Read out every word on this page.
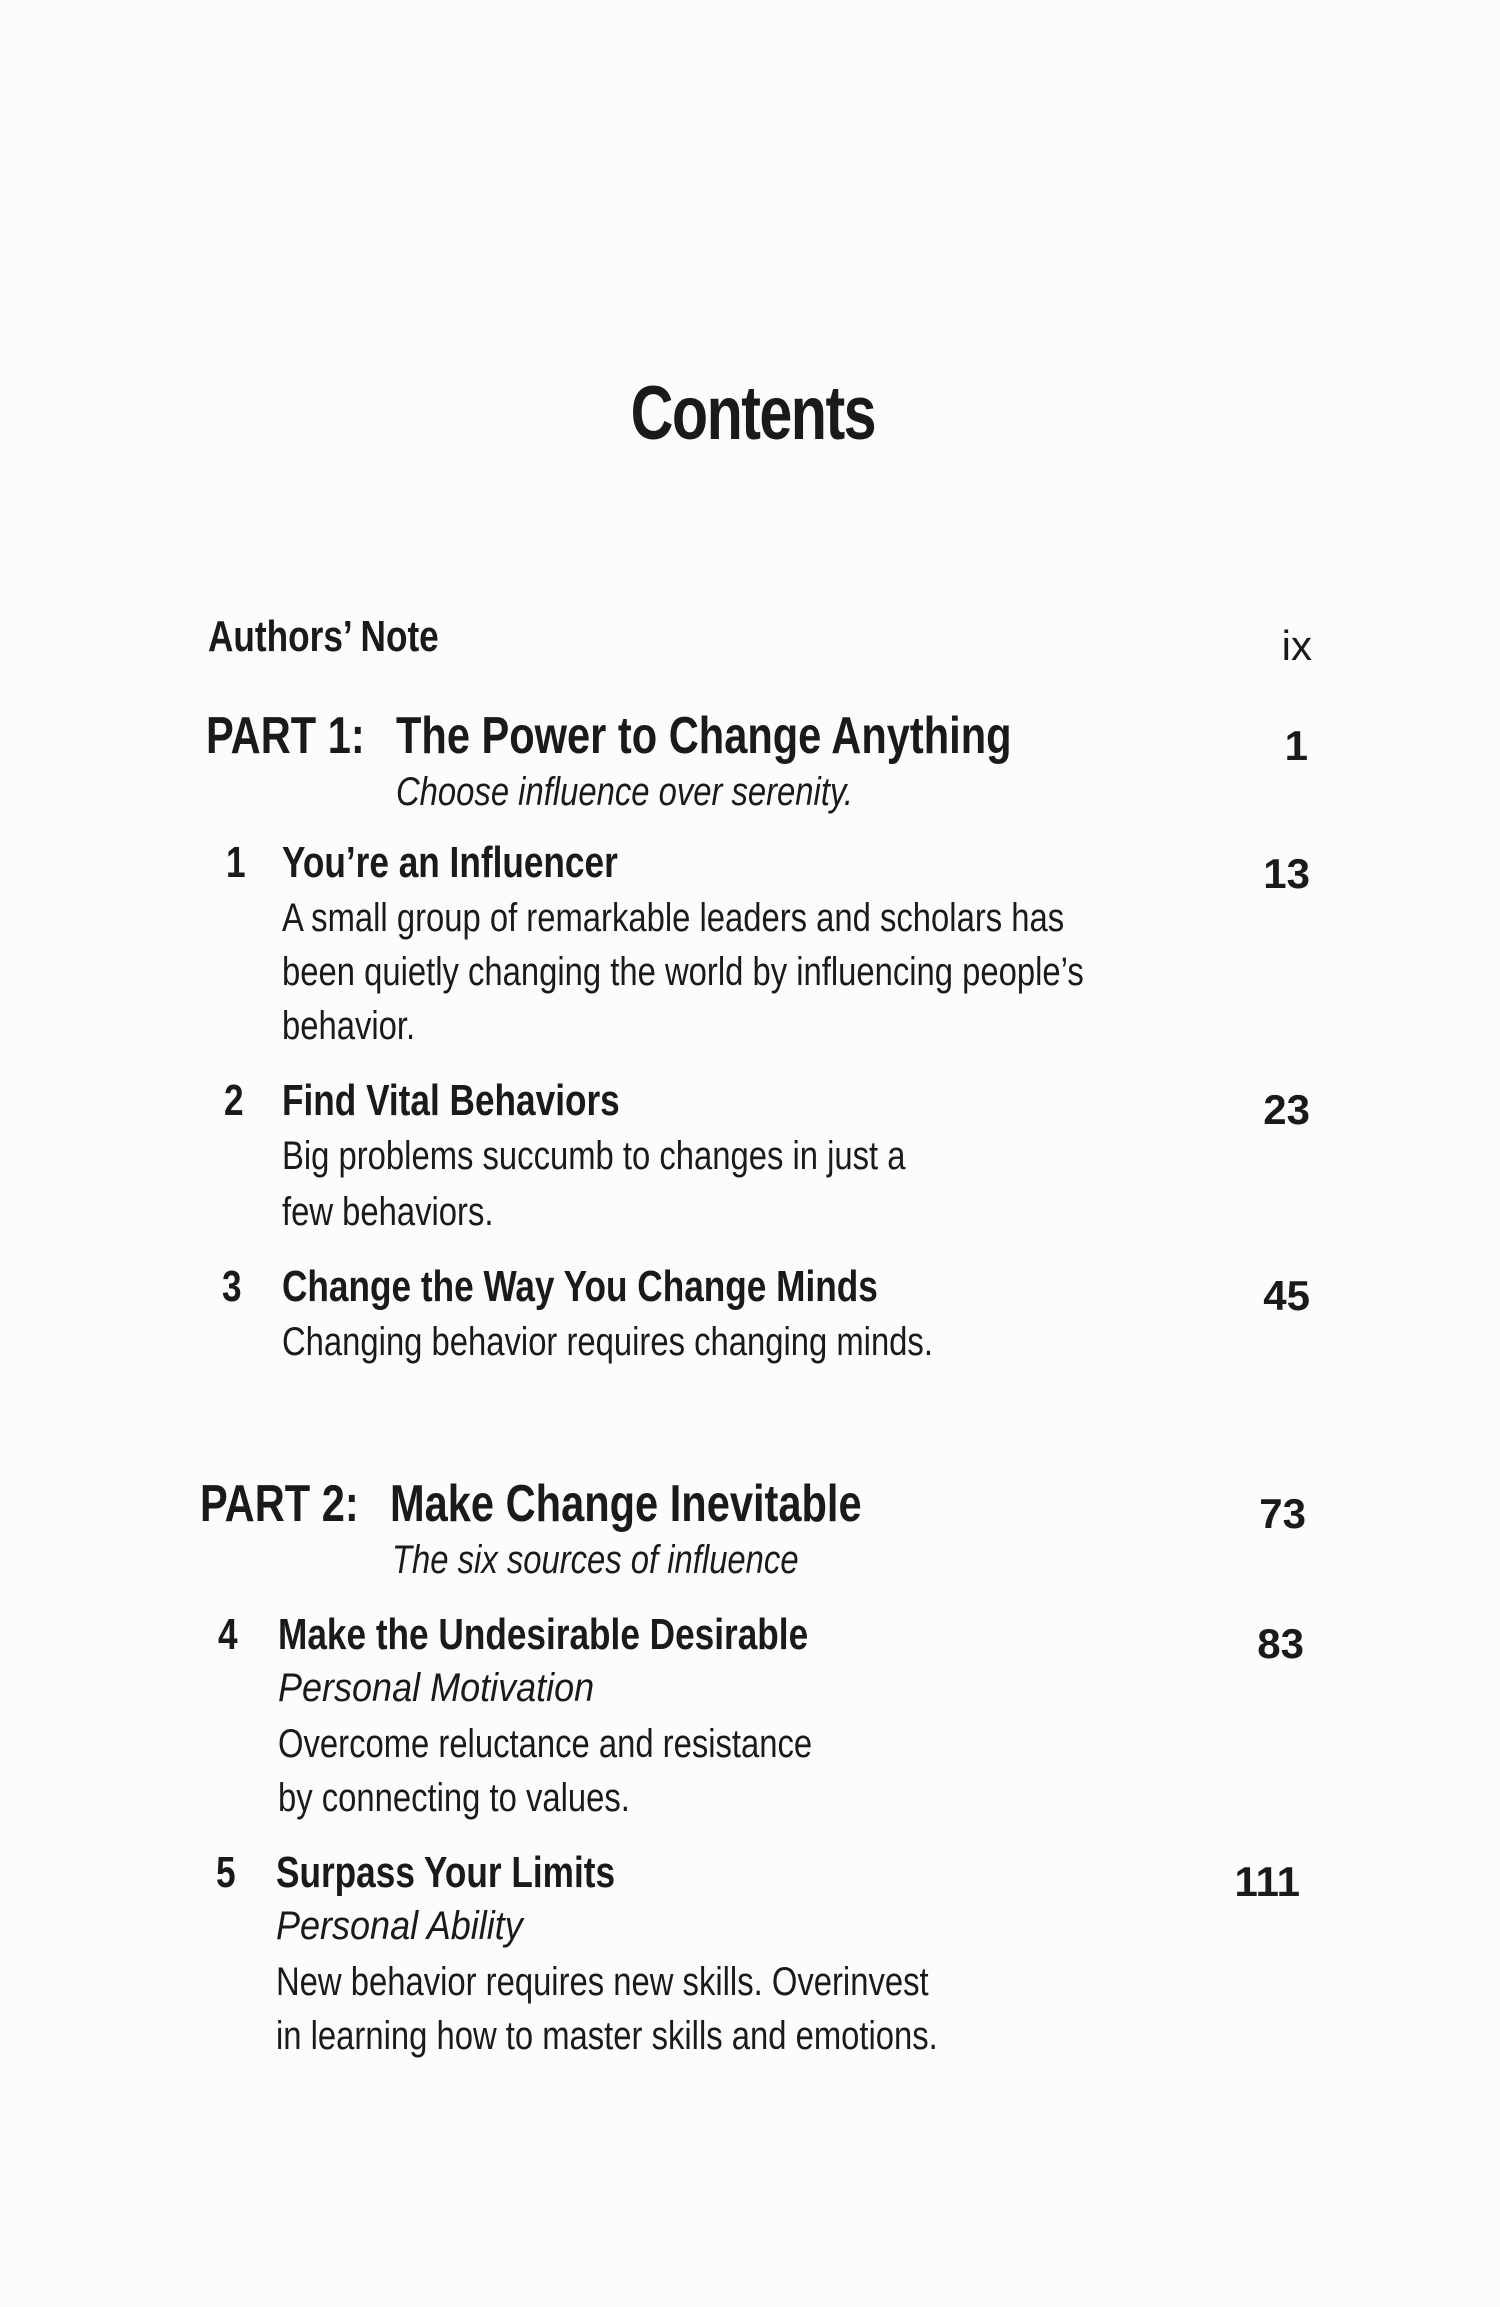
Contents
Authors’ Note	ix
PART 1: The Power to Change Anything	1
Choose influence over serenity.
1 You’re an Influencer	13
A small group of remarkable leaders and scholars has
been quietly changing the world by influencing people’s
behavior.
2 Find Vital Behaviors	23
Big problems succumb to changes in just a
few behaviors.
3 Change the Way You Change Minds	45
Changing behavior requires changing minds.
PART 2: Make Change Inevitable	73
The six sources of influence
4 Make the Undesirable Desirable	83
Personal Motivation
Overcome reluctance and resistance
by connecting to values.
5 Surpass Your Limits	111
Personal Ability
New behavior requires new skills. Overinvest
in learning how to master skills and emotions.
